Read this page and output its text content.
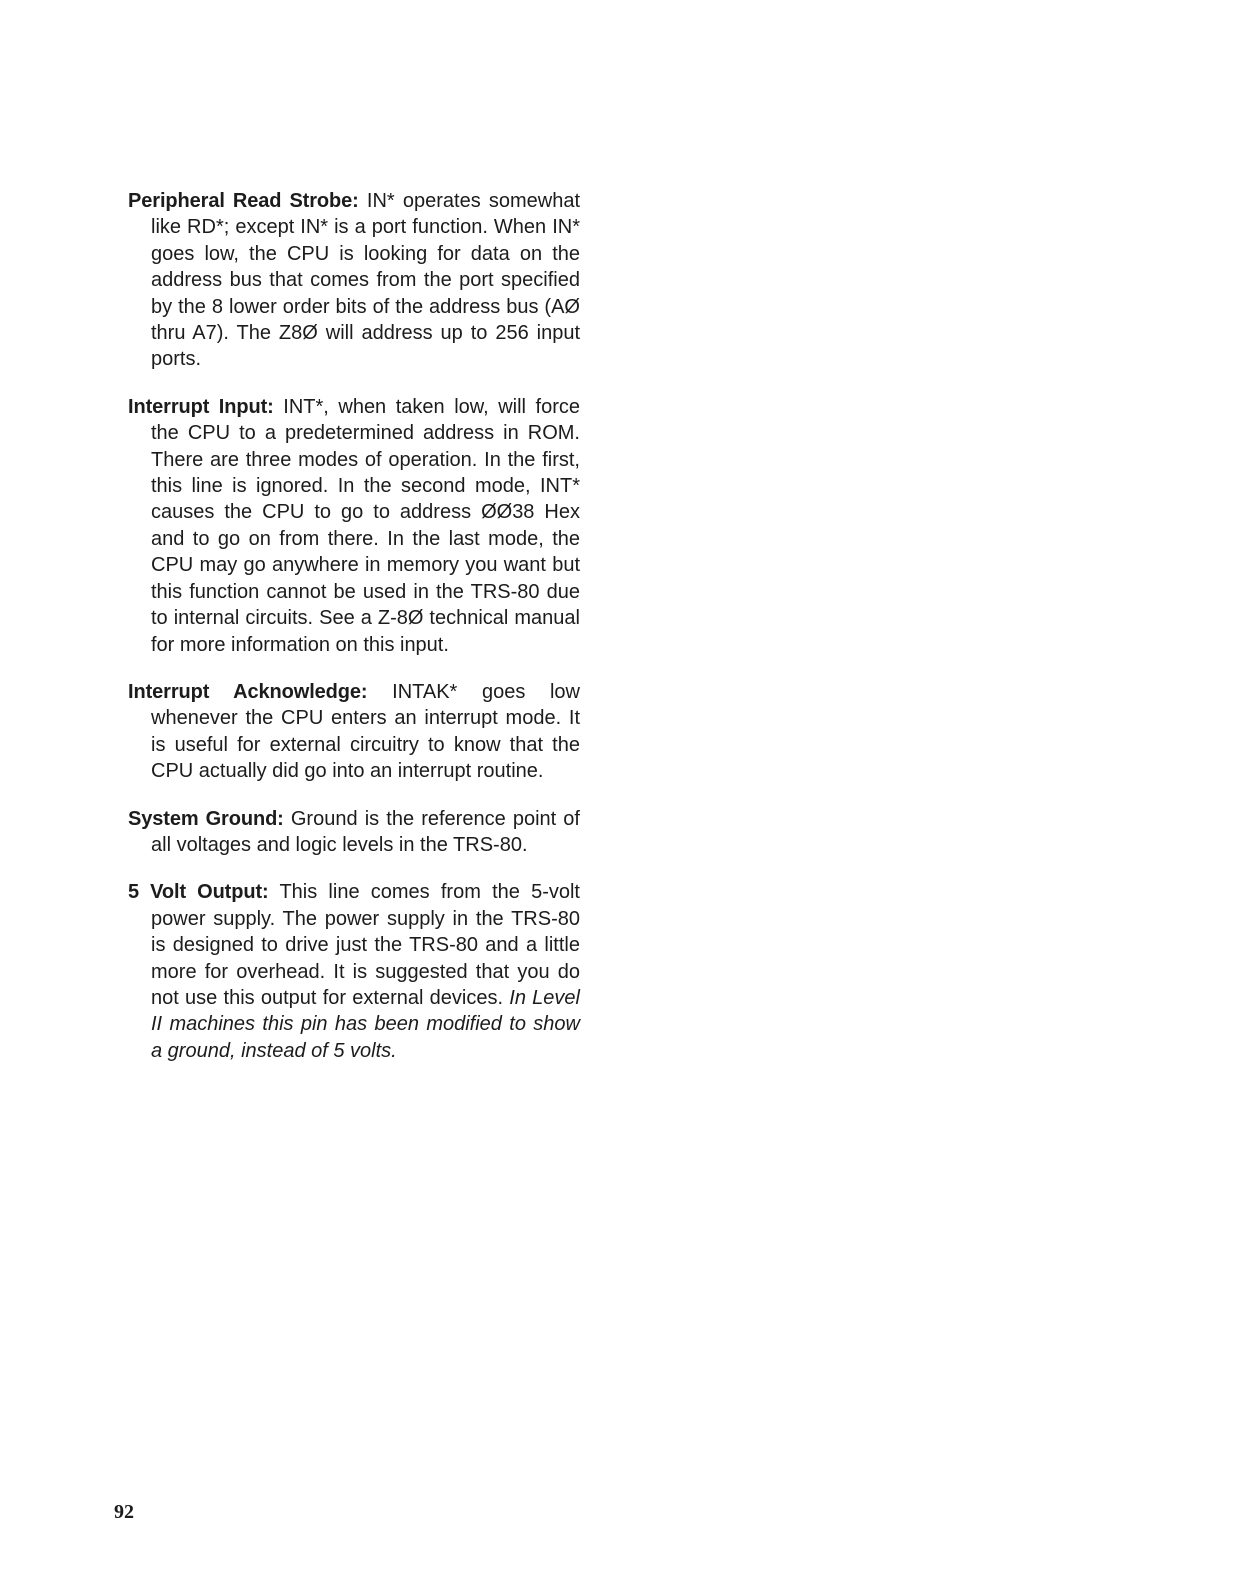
Peripheral Read Strobe: IN* operates somewhat like RD*; except IN* is a port function. When IN* goes low, the CPU is looking for data on the address bus that comes from the port specified by the 8 lower order bits of the address bus (AØ thru A7). The Z8Ø will address up to 256 input ports.

Interrupt Input: INT*, when taken low, will force the CPU to a predetermined address in ROM. There are three modes of operation. In the first, this line is ignored. In the second mode, INT* causes the CPU to go to address ØØ38 Hex and to go on from there. In the last mode, the CPU may go anywhere in memory you want but this function cannot be used in the TRS-80 due to internal circuits. See a Z-8Ø technical manual for more information on this input.

Interrupt Acknowledge: INTAK* goes low whenever the CPU enters an interrupt mode. It is useful for external circuitry to know that the CPU actually did go into an interrupt routine.

System Ground: Ground is the reference point of all voltages and logic levels in the TRS-80.

5 Volt Output: This line comes from the 5-volt power supply. The power supply in the TRS-80 is designed to drive just the TRS-80 and a little more for overhead. It is suggested that you do not use this output for external devices. In Level II machines this pin has been modified to show a ground, instead of 5 volts.

92
